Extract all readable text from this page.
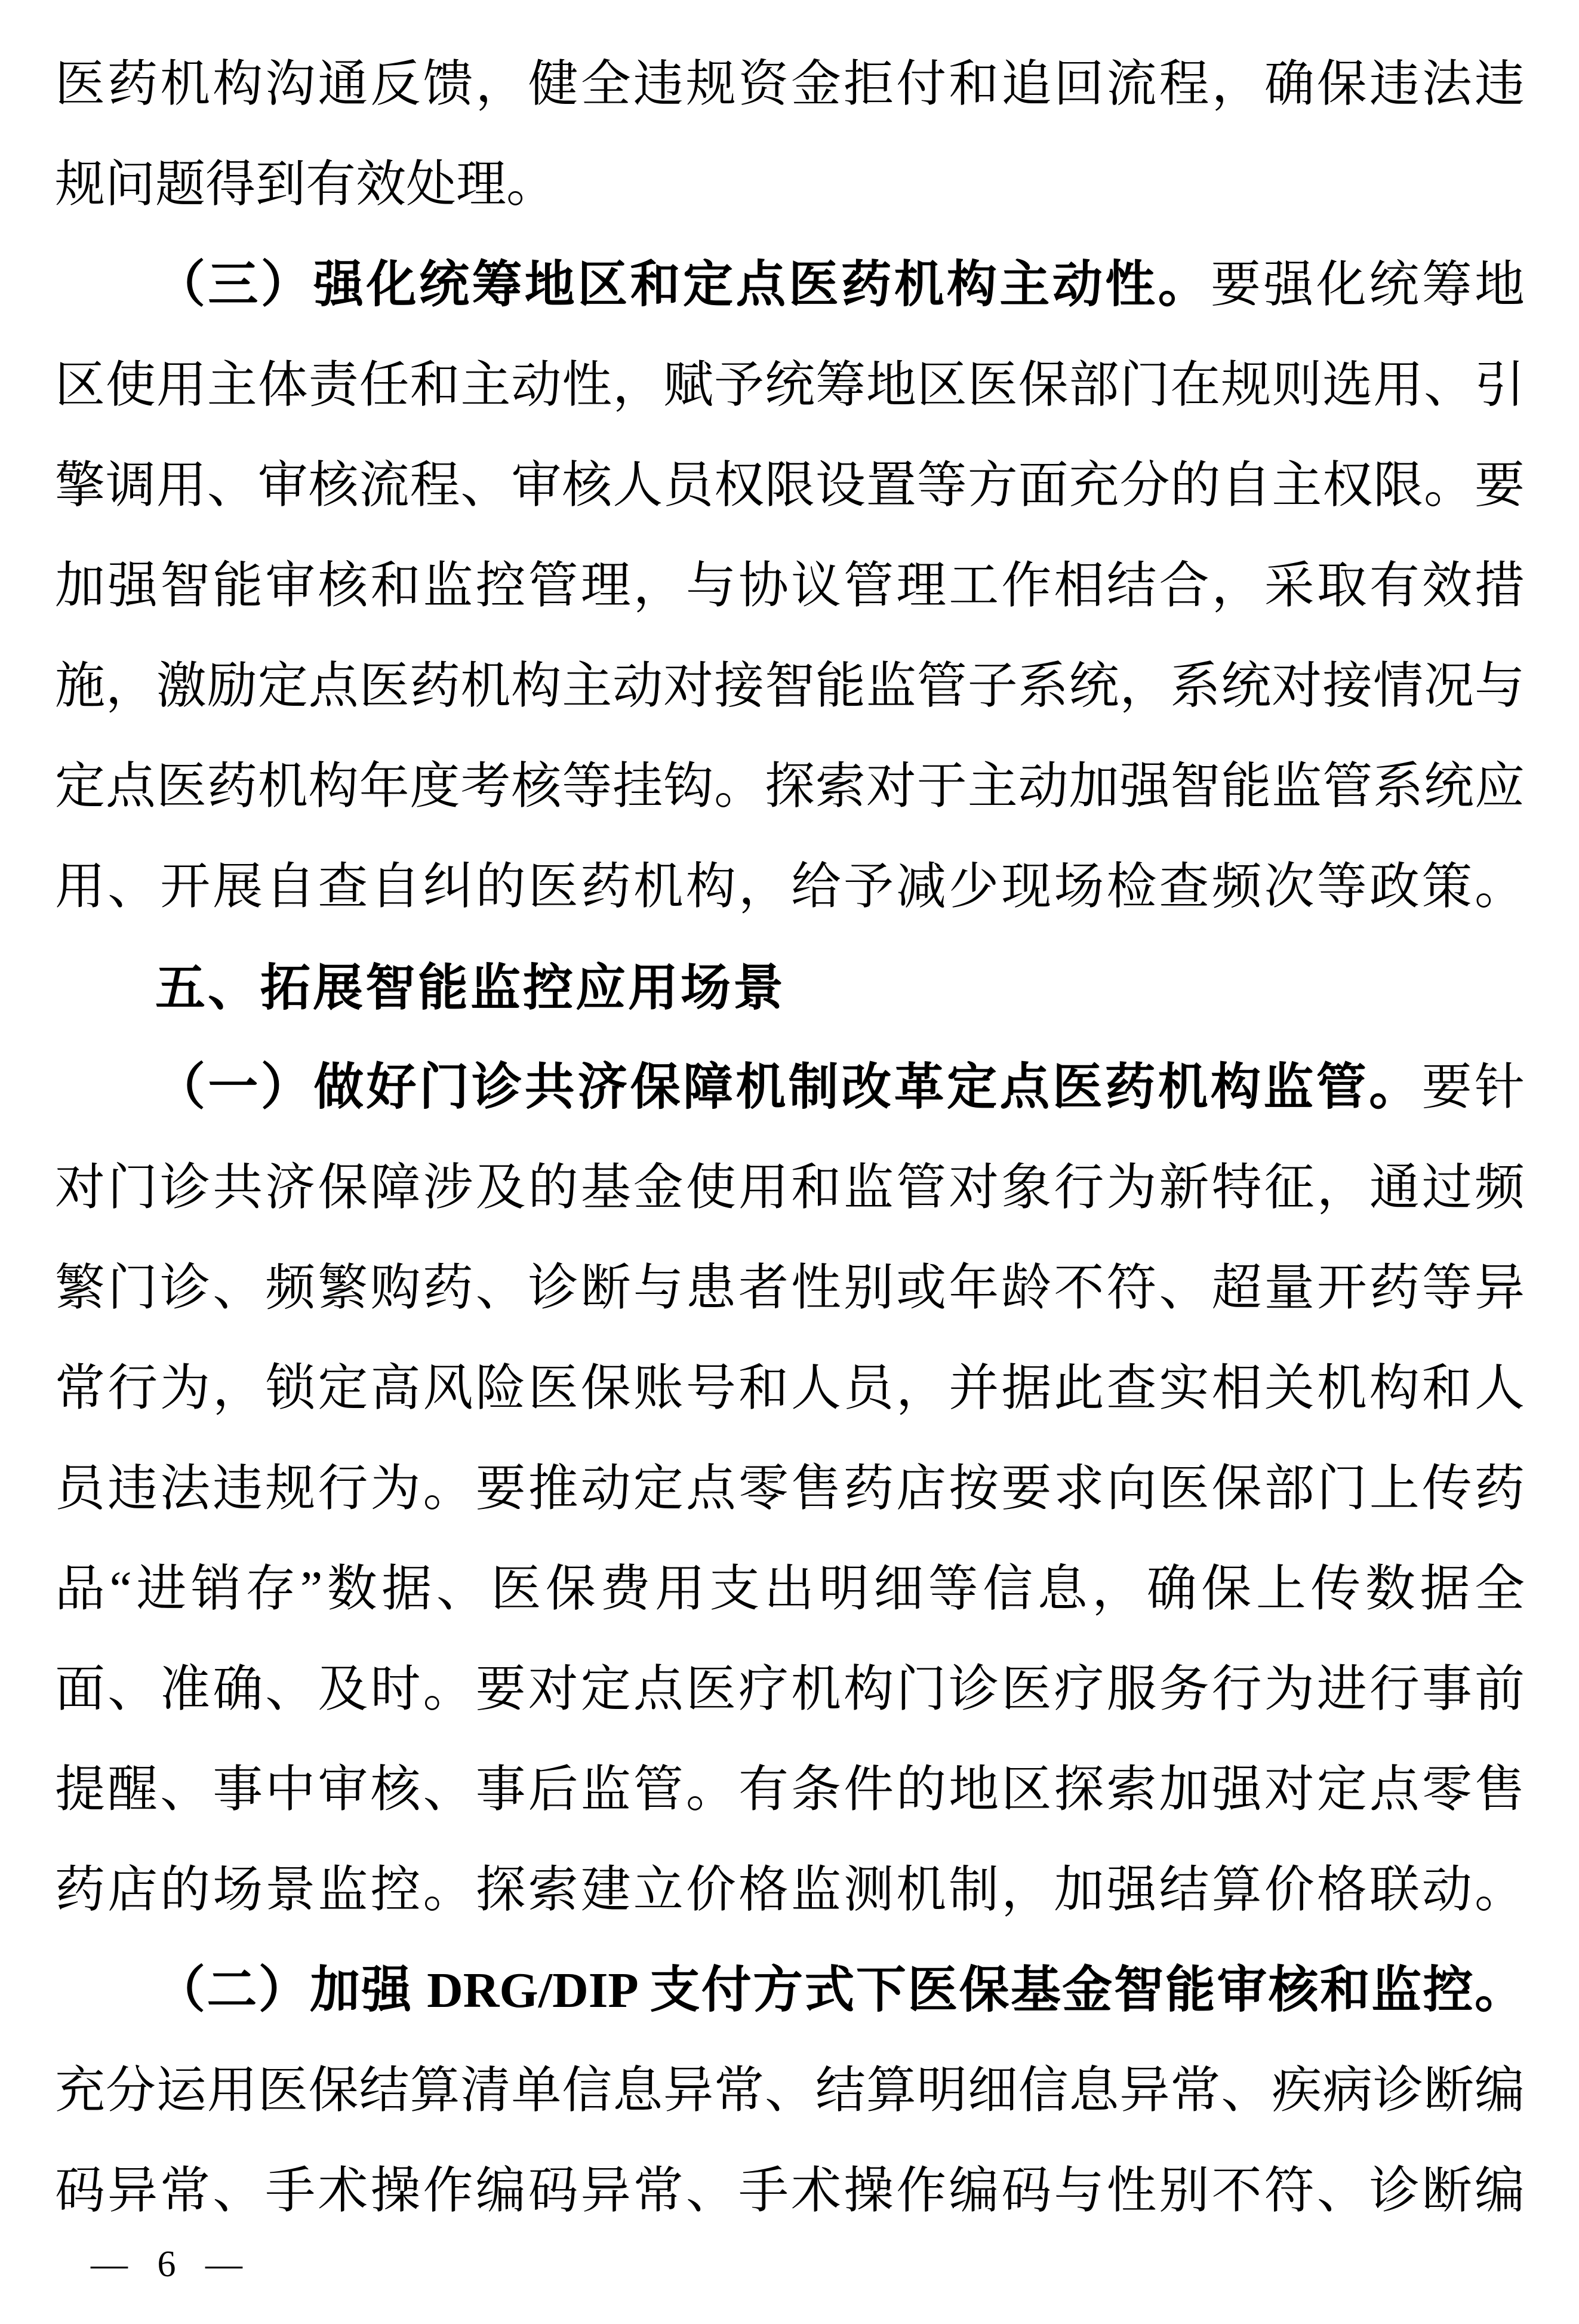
医药机构沟通反馈，健全违规资金拒付和追回流程，确保违法违
规问题得到有效处理。
（三）强化统筹地区和定点医药机构主动性。要强化统筹地
区使用主体责任和主动性，赋予统筹地区医保部门在规则选用、引
擎调用、审核流程、审核人员权限设置等方面充分的自主权限。要
加强智能审核和监控管理，与协议管理工作相结合，采取有效措
施，激励定点医药机构主动对接智能监管子系统，系统对接情况与
定点医药机构年度考核等挂钩。探索对于主动加强智能监管系统应
用、开展自查自纠的医药机构，给予减少现场检查频次等政策。
五、拓展智能监控应用场景
（一）做好门诊共济保障机制改革定点医药机构监管。要针
对门诊共济保障涉及的基金使用和监管对象行为新特征，通过频
繁门诊、频繁购药、诊断与患者性别或年龄不符、超量开药等异
常行为，锁定高风险医保账号和人员，并据此查实相关机构和人
员违法违规行为。要推动定点零售药店按要求向医保部门上传药
品“进销存”数据、医保费用支出明细等信息，确保上传数据全
面、准确、及时。要对定点医疗机构门诊医疗服务行为进行事前
提醒、事中审核、事后监管。有条件的地区探索加强对定点零售
药店的场景监控。探索建立价格监测机制，加强结算价格联动。
（二）加强 DRG/DIP 支付方式下医保基金智能审核和监控。
充分运用医保结算清单信息异常、结算明细信息异常、疾病诊断编
码异常、手术操作编码异常、手术操作编码与性别不符、诊断编
— 6 —
